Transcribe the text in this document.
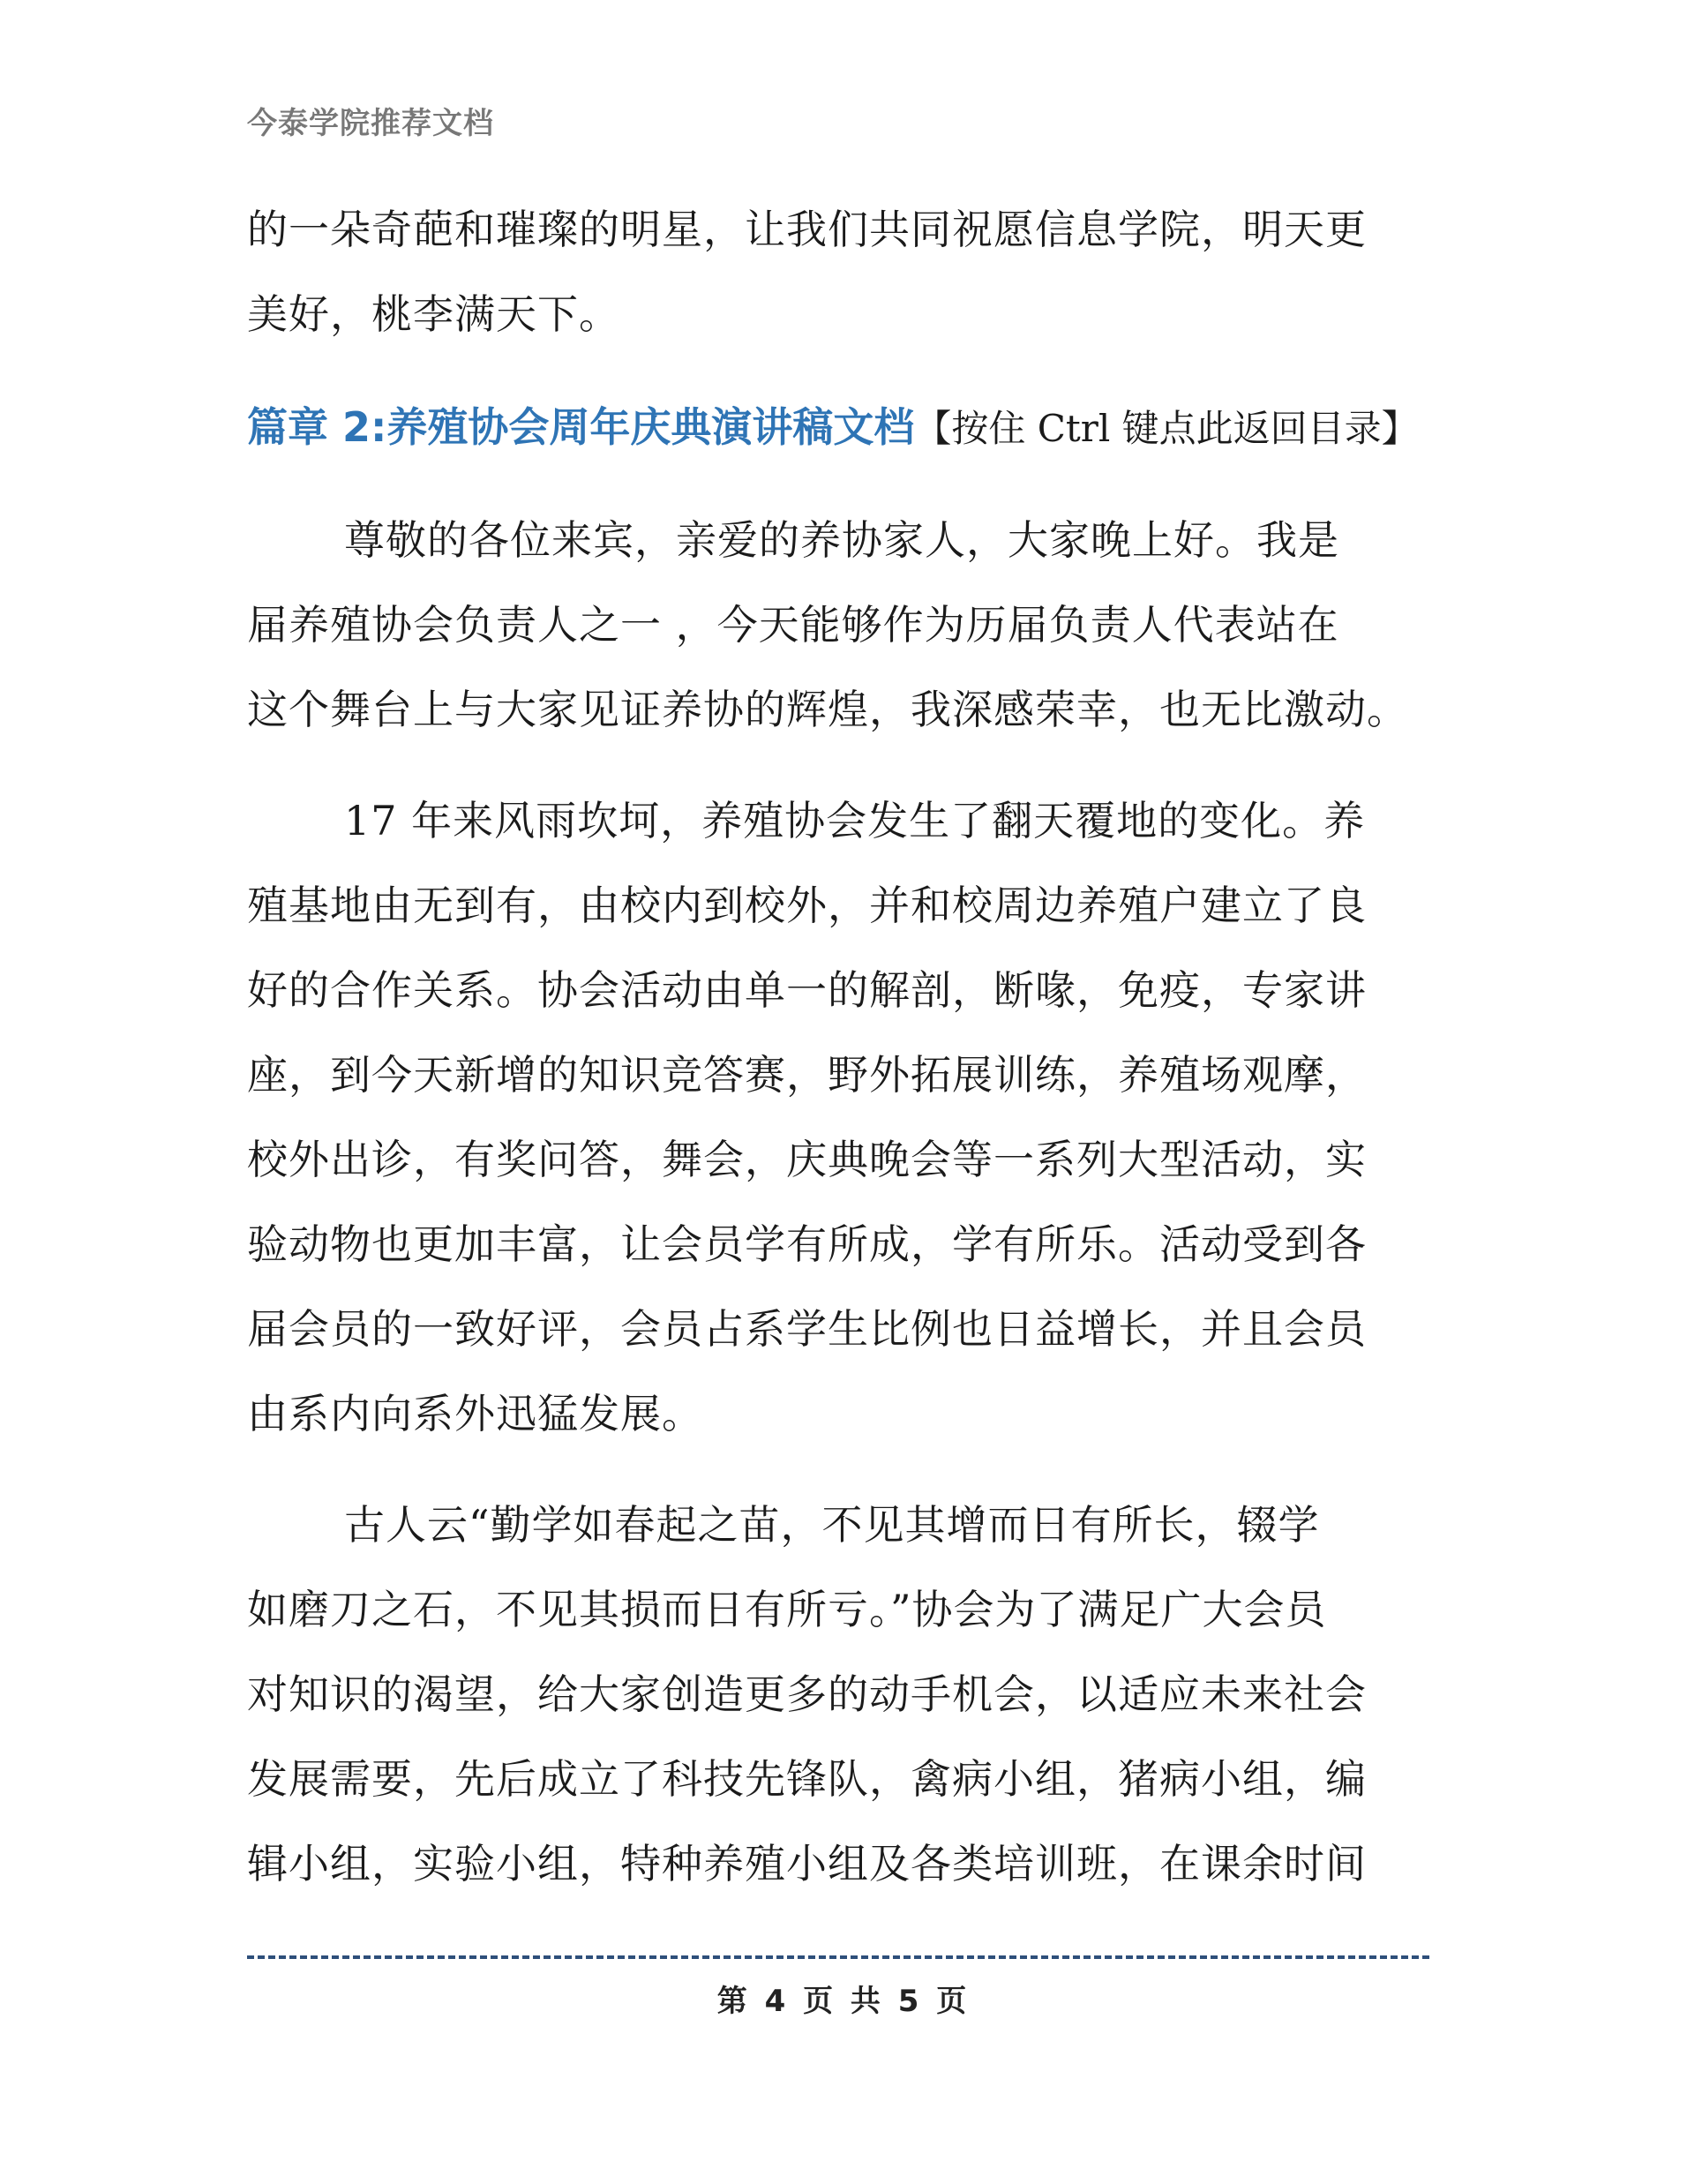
今泰学院推荐文档
的一朵奇葩和璀璨的明星，让我们共同祝愿信息学院，明天更
美好，桃李满天下。
篇章 2:养殖协会周年庆典演讲稿文档【按住 Ctrl 键点此返回目录】
尊敬的各位来宾，亲爱的养协家人，大家晚上好。我是
届养殖协会负责人之一 ，今天能够作为历届负责人代表站在
这个舞台上与大家见证养协的辉煌，我深感荣幸，也无比激动。
17 年来风雨坎坷，养殖协会发生了翻天覆地的变化。养
殖基地由无到有，由校内到校外，并和校周边养殖户建立了良
好的合作关系。协会活动由单一的解剖，断喙，免疫，专家讲
座，到今天新增的知识竞答赛，野外拓展训练，养殖场观摩，
校外出诊，有奖问答，舞会，庆典晚会等一系列大型活动，实
验动物也更加丰富，让会员学有所成，学有所乐。活动受到各
届会员的一致好评，会员占系学生比例也日益增长，并且会员
由系内向系外迅猛发展。
古人云“勤学如春起之苗，不见其增而日有所长，辍学
如磨刀之石，不见其损而日有所亏。”协会为了满足广大会员
对知识的渴望，给大家创造更多的动手机会，以适应未来社会
发展需要，先后成立了科技先锋队，禽病小组，猪病小组，编
辑小组，实验小组，特种养殖小组及各类培训班，在课余时间
第 4 页 共 5 页
